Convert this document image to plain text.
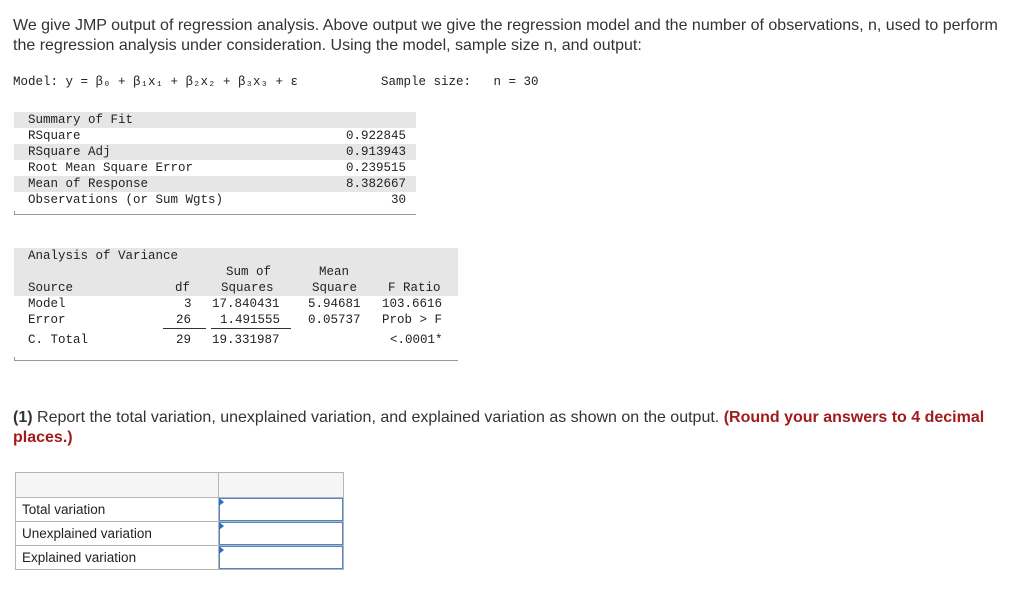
We give JMP output of regression analysis. Above output we give the regression model and the number of observations, n, used to perform the regression analysis under consideration. Using the model, sample size n, and output:
Model: y = β₀ + β₁x₁ + β₂x₂ + β₃x₃ + ε	Sample size:   n = 30
Summary of Fit
RSquare	0.922845
RSquare Adj	0.913943
Root Mean Square Error	0.239515
Mean of Response	8.382667
Observations (or Sum Wgts)	30
Analysis of Variance
Sum of	Mean
Source	df Squares	Square F Ratio
Model	3 17.840431 5.94681 103.6616
Error	26 1.491555 0.05737 Prob > F
C. Total	29 19.331987	<.0001*
(1) Report the total variation, unexplained variation, and explained variation as shown on the output. (Round your answers to 4 decimal places.)

Total variation	

Unexplained variation	

Explained variation	
